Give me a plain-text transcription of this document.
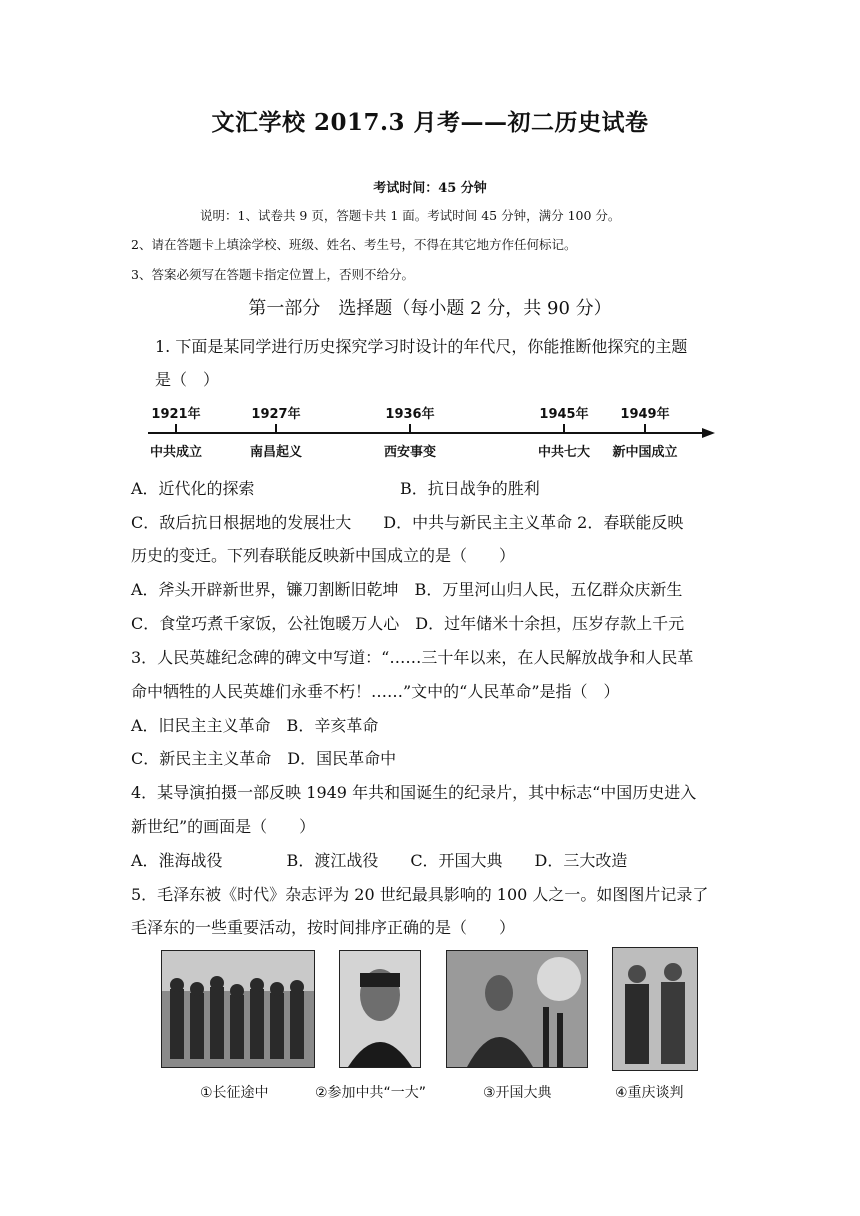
文汇学校 2017.3 月考——初二历史试卷
考试时间：45 分钟
说明：1、试卷共 9 页，答题卡共 1 面。考试时间 45 分钟，满分 100 分。
2、请在答题卡上填涂学校、班级、姓名、考生号，不得在其它地方作任何标记。
3、答案必须写在答题卡指定位置上，否则不给分。
第一部分　选择题（每小题 2 分，共 90 分）
1. 下面是某同学进行历史探究学习时设计的年代尺，你能推断他探究的主题
是（　）
1921年	1927年	1936年	1945年 1949年
中共成立	南昌起义	西安事变	中共七大 新中国成立
A．近代化的探索	B．抗日战争的胜利
C．敌后抗日根据地的发展壮大　　D．中共与新民主主义革命 2．春联能反映
历史的变迁。下列春联能反映新中国成立的是（　　）
A．斧头开辟新世界，镰刀割断旧乾坤　B．万里河山归人民，五亿群众庆新生
C．食堂巧煮千家饭，公社饱暖万人心　D．过年储米十余担，压岁存款上千元
3．人民英雄纪念碑的碑文中写道：“……三十年以来，在人民解放战争和人民革
命中牺牲的人民英雄们永垂不朽！……”文中的“人民革命”是指（　）
A．旧民主主义革命　B．辛亥革命
C．新民主主义革命　D．国民革命中
4．某导演拍摄一部反映 1949 年共和国诞生的纪录片，其中标志“中国历史进入
新世纪”的画面是（　　）
A．淮海战役　　　　B．渡江战役　　C．开国大典　　D．三大改造
5．毛泽东被《时代》杂志评为 20 世纪最具影响的 100 人之一。如图图片记录了
毛泽东的一些重要活动，按时间排序正确的是（　　）
①长征途中	②参加中共“一大”	③开国大典	④重庆谈判
